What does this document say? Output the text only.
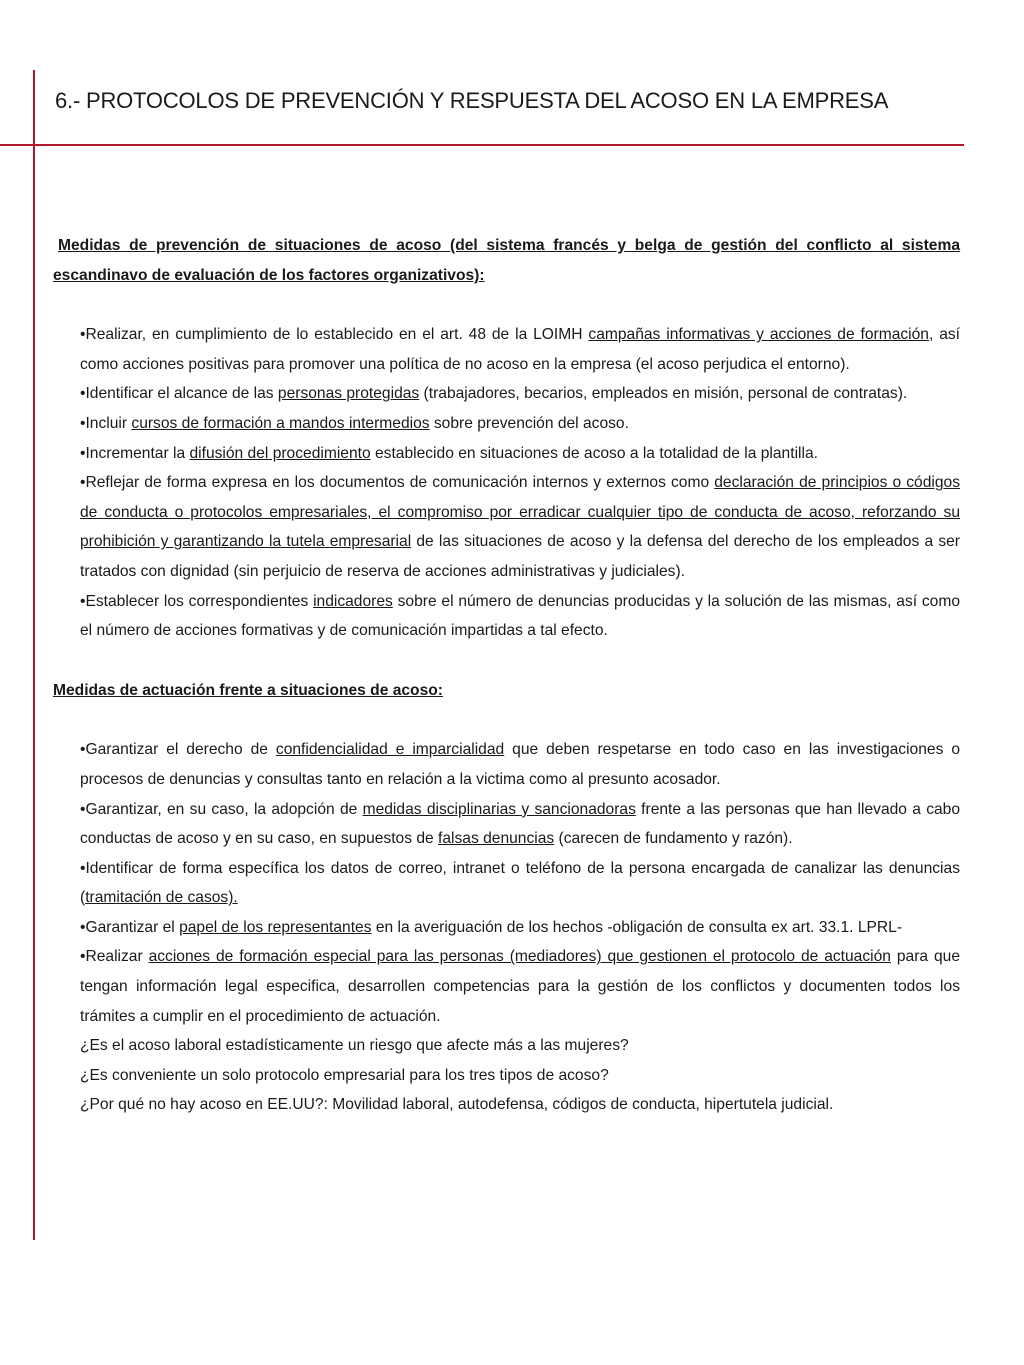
6.- PROTOCOLOS DE PREVENCIÓN Y RESPUESTA DEL ACOSO EN LA EMPRESA

Medidas de prevención de situaciones de acoso (del sistema francés y belga de gestión del conflicto al sistema escandinavo de evaluación de los factores organizativos):

•Realizar, en cumplimiento de lo establecido en el art. 48 de la LOIMH campañas informativas y acciones de formación, así como acciones positivas para promover una política de no acoso en la empresa (el acoso perjudica el entorno).

•Identificar el alcance de las personas protegidas (trabajadores, becarios, empleados en misión, personal de contratas).

•Incluir cursos de formación a mandos intermedios sobre prevención del acoso.

•Incrementar la difusión del procedimiento establecido en situaciones de acoso a la totalidad de la plantilla.

•Reflejar de forma expresa en los documentos de comunicación internos y externos como declaración de principios o códigos de conducta o protocolos empresariales, el compromiso por erradicar cualquier tipo de conducta de acoso, reforzando su prohibición y garantizando la tutela empresarial de las situaciones de acoso y la defensa del derecho de los empleados a ser tratados con dignidad (sin perjuicio de reserva de acciones administrativas y judiciales).

•Establecer los correspondientes indicadores sobre el número de denuncias producidas y la solución de las mismas, así como el número de acciones formativas y de comunicación impartidas a tal efecto.

Medidas de actuación frente a situaciones de acoso:

•Garantizar el derecho de confidencialidad e imparcialidad que deben respetarse en todo caso en las investigaciones o procesos de denuncias y consultas tanto en relación a la victima como al presunto acosador.

•Garantizar, en su caso, la adopción de medidas disciplinarias y sancionadoras frente a las personas que han llevado a cabo conductas de acoso y en su caso, en supuestos de falsas denuncias (carecen de fundamento y razón).

•Identificar de forma específica los datos de correo, intranet o teléfono de la persona encargada de canalizar las denuncias (tramitación de casos).

•Garantizar el papel de los representantes en la averiguación de los hechos -obligación de consulta ex art. 33.1. LPRL-

•Realizar acciones de formación especial para las personas (mediadores) que gestionen el protocolo de actuación para que tengan información legal especifica, desarrollen competencias para la gestión de los conflictos y documenten todos los trámites a cumplir en el procedimiento de actuación.

¿Es el acoso laboral estadísticamente un riesgo que afecte más a las mujeres?

¿Es conveniente un solo protocolo empresarial para los tres tipos de acoso?

¿Por qué no hay acoso en EE.UU?: Movilidad laboral, autodefensa, códigos de conducta, hipertutela judicial.
